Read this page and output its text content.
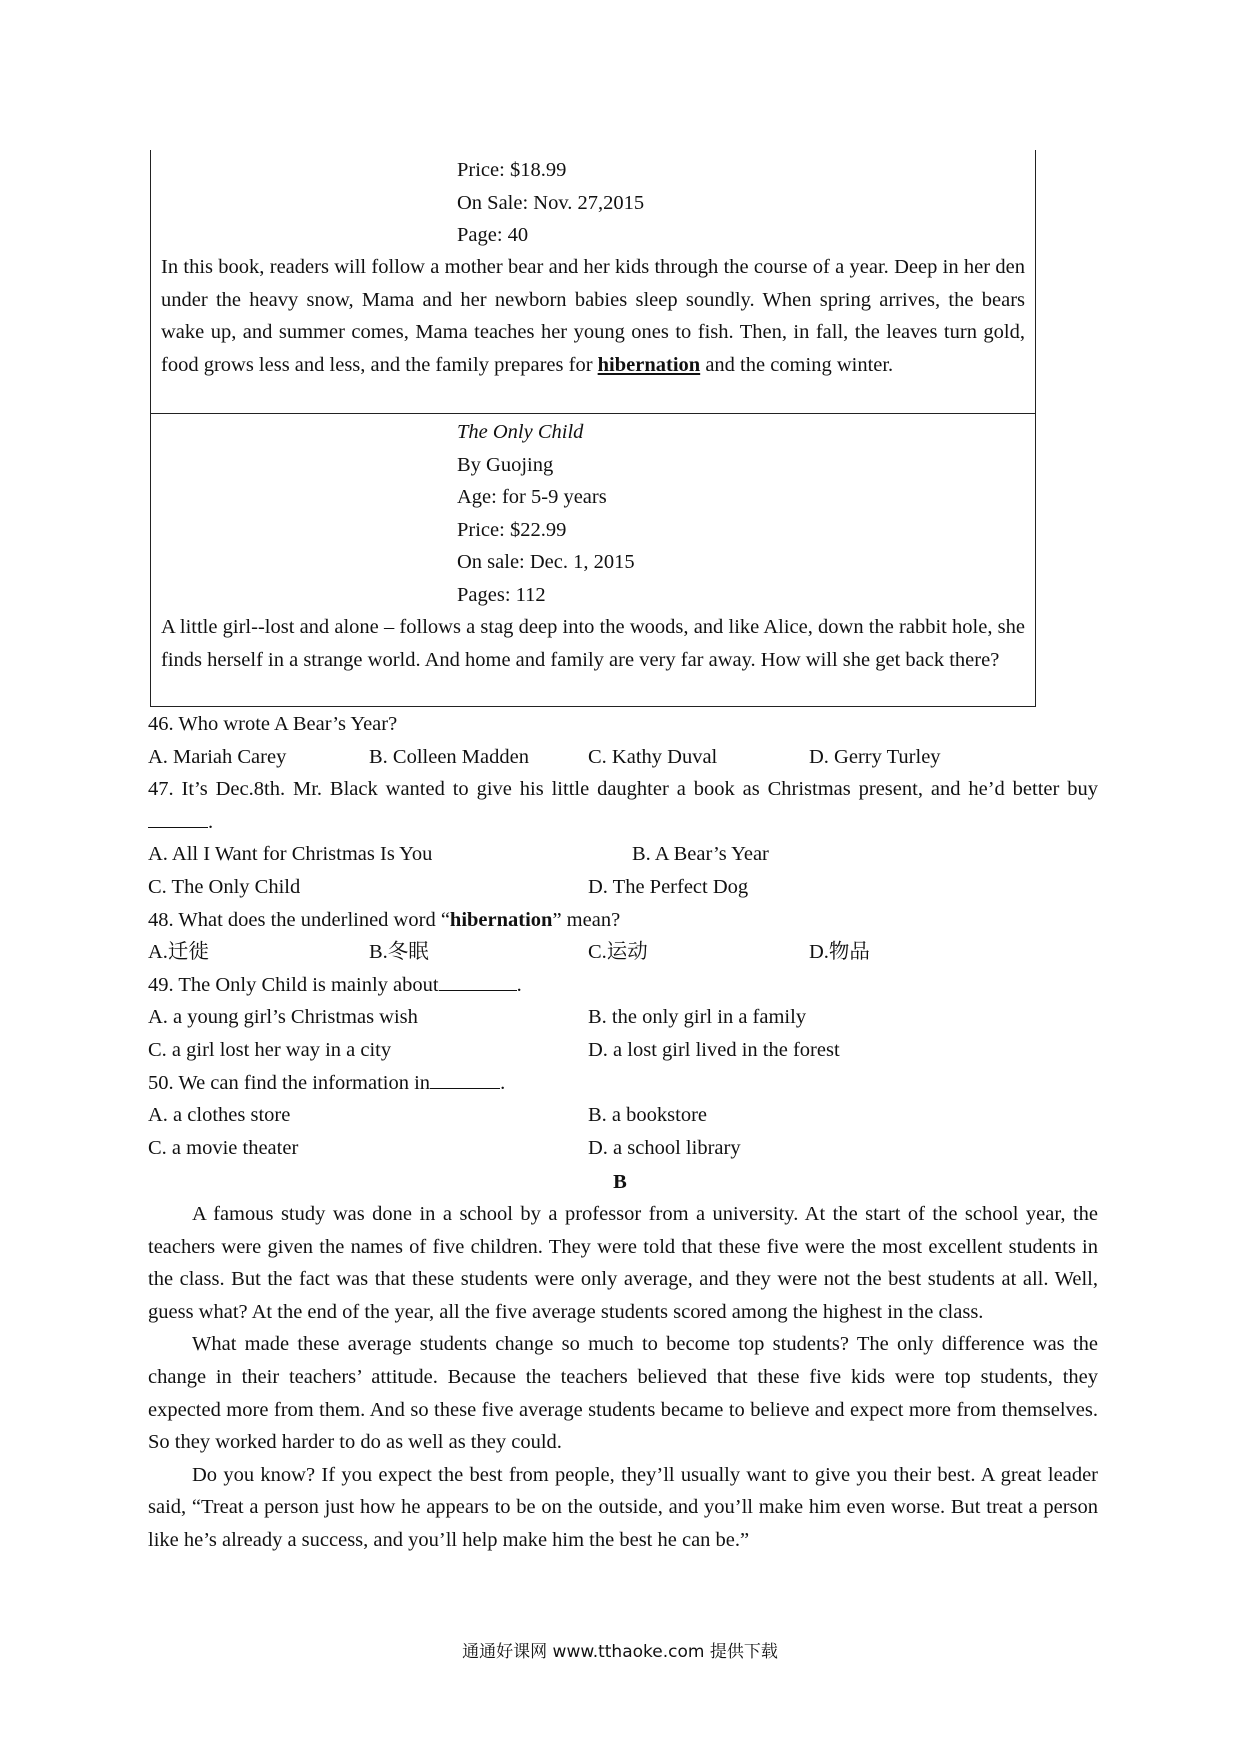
Price: $18.99
On Sale: Nov. 27,2015
Page: 40
In this book, readers will follow a mother bear and her kids through the course of a year. Deep in her den under the heavy snow, Mama and her newborn babies sleep soundly. When spring arrives, the bears wake up, and summer comes, Mama teaches her young ones to fish. Then, in fall, the leaves turn gold, food grows less and less, and the family prepares for hibernation and the coming winter.
The Only Child
By Guojing
Age: for 5-9 years
Price: $22.99
On sale: Dec. 1, 2015
Pages: 112
A little girl--lost and alone – follows a stag deep into the woods, and like Alice, down the rabbit hole, she finds herself in a strange world. And home and family are very far away. How will she get back there?
46. Who wrote A Bear’s Year?
A. Mariah Carey	B. Colleen Madden	C. Kathy Duval	D. Gerry Turley
47. It’s Dec.8th. Mr. Black wanted to give his little daughter a book as Christmas present, and he’d better buy.
A. All I Want for Christmas Is You	B. A Bear’s Year
C. The Only Child	D. The Perfect Dog
48. What does the underlined word “hibernation” mean?
A.迁徙	B.冬眠	C.运动	D.物品
49. The Only Child is mainly about	.
A. a young girl’s Christmas wish	B. the only girl in a family
C. a girl lost her way in a city	D. a lost girl lived in the forest
50. We can find the information in	.
A. a clothes store	B. a bookstore
C. a movie theater	D. a school library
B

A famous study was done in a school by a professor from a university. At the start of the school year, the teachers were given the names of five children. They were told that these five were the most excellent students in the class. But the fact was that these students were only average, and they were not the best students at all. Well, guess what? At the end of the year, all the five average students scored among the highest in the class.

What made these average students change so much to become top students? The only difference was the change in their teachers’ attitude. Because the teachers believed that these five kids were top students, they expected more from them. And so these five average students became to believe and expect more from themselves. So they worked harder to do as well as they could.

Do you know? If you expect the best from people, they’ll usually want to give you their best. A great leader said, “Treat a person just how he appears to be on the outside, and you’ll make him even worse. But treat a person like he’s already a success, and you’ll help make him the best he can be.”

通通好课网 www.tthaoke.com 提供下载
